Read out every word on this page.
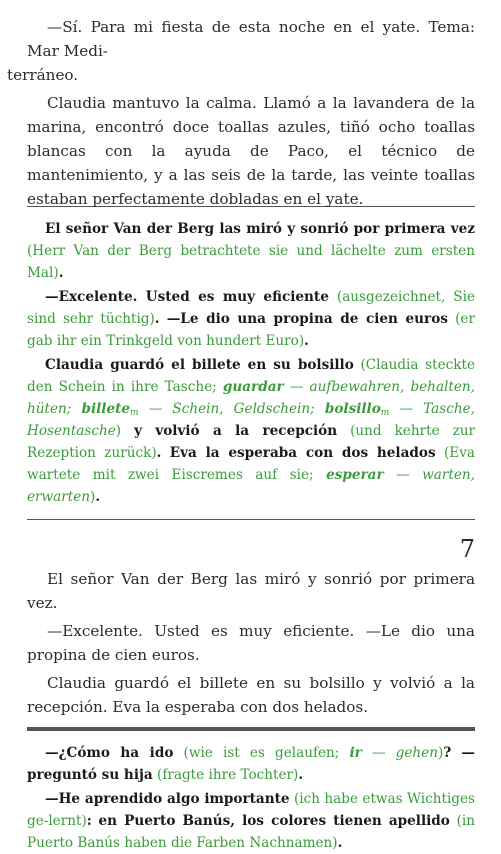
—Sí. Para mi fiesta de esta noche en el yate. Tema: Mar Medi-
terráneo.

Claudia mantuvo la calma. Llamó a la lavandera de la marina, encontró doce toallas azules, tiñó ocho toallas blancas con la ayuda de Paco, el técnico de mantenimiento, y a las seis de la tarde, las veinte toallas estaban perfectamente dobladas en el yate.

El señor Van der Berg las miró y sonrió por primera vez (Herr Van der Berg betrachtete sie und lächelte zum ersten Mal).

—Excelente. Usted es muy eficiente (ausgezeichnet, Sie sind sehr tüchtig). —Le dio una propina de cien euros (er gab ihr ein Trinkgeld von hundert Euro).

Claudia guardó el billete en su bolsillo (Claudia steckte den Schein in ihre Tasche; guardar — aufbewahren, behalten, hüten; billete$_m$ — Schein, Geldschein; bolsillo$_m$ — Tasche, Hosentasche) y volvió a la recepción (und kehrte zur Rezeption zurück). Eva la esperaba con dos helados (Eva wartete mit zwei Eiscremes auf sie; esperar — warten, erwarten).

7

El señor Van der Berg las miró y sonrió por primera vez.

—Excelente. Usted es muy eficiente. —Le dio una propina de cien euros.

Claudia guardó el billete en su bolsillo y volvió a la recepción. Eva la esperaba con dos helados.

—¿Cómo ha ido (wie ist es gelaufen; ir — gehen)? —preguntó su hija (fragte ihre Tochter).

—He aprendido algo importante (ich habe etwas Wichtiges ge-lernt): en Puerto Banús, los colores tienen apellido (in Puerto Banús haben die Farben Nachnamen).
